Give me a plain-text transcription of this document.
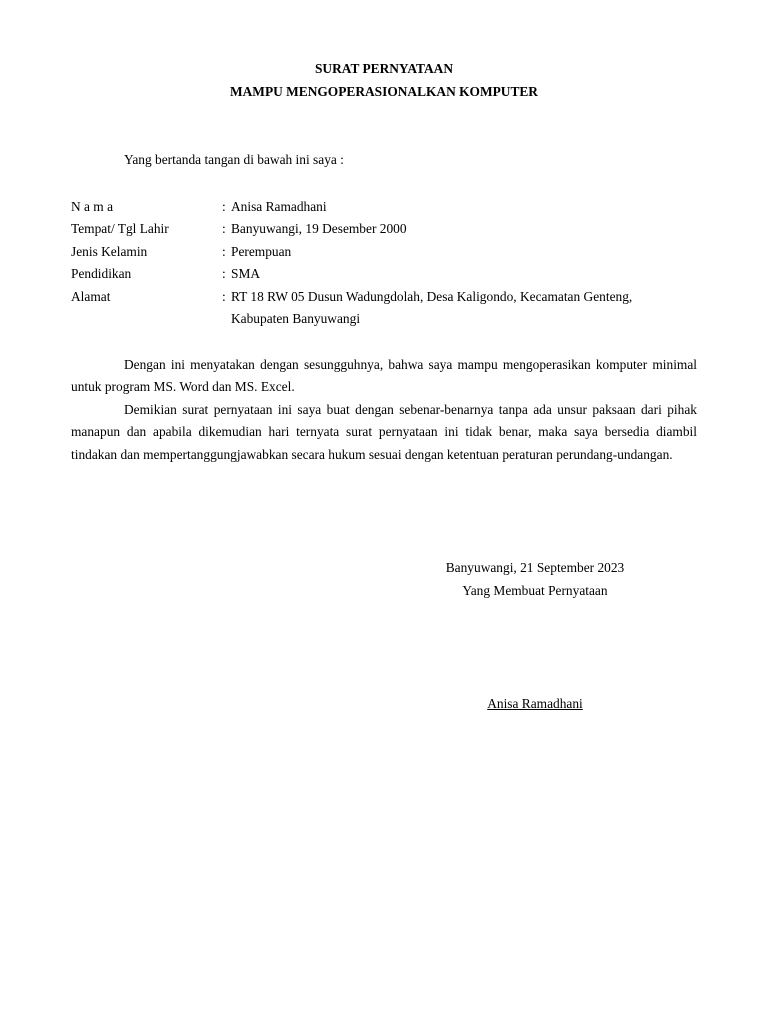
SURAT PERNYATAAN

MAMPU MENGOPERASIONALKAN KOMPUTER

Yang bertanda tangan di bawah ini saya :

N a m a	: Anisa Ramadhani
Tempat/ Tgl Lahir	: Banyuwangi, 19 Desember 2000
Jenis Kelamin	: Perempuan
Pendidikan	: SMA
Alamat	: RT 18 RW 05 Dusun Wadungdolah, Desa Kaligondo, Kecamatan Genteng,
Kabupaten Banyuwangi

Dengan ini menyatakan dengan sesungguhnya, bahwa saya mampu mengoperasikan komputer minimal untuk program MS. Word dan MS. Excel.

Demikian surat pernyataan ini saya buat dengan sebenar-benarnya tanpa ada unsur paksaan dari pihak manapun dan apabila dikemudian hari ternyata surat pernyataan ini tidak benar, maka saya bersedia diambil tindakan dan mempertanggungjawabkan secara hukum sesuai dengan ketentuan peraturan perundang-undangan.

Banyuwangi, 21 September 2023

Yang Membuat Pernyataan

Anisa Ramadhani
